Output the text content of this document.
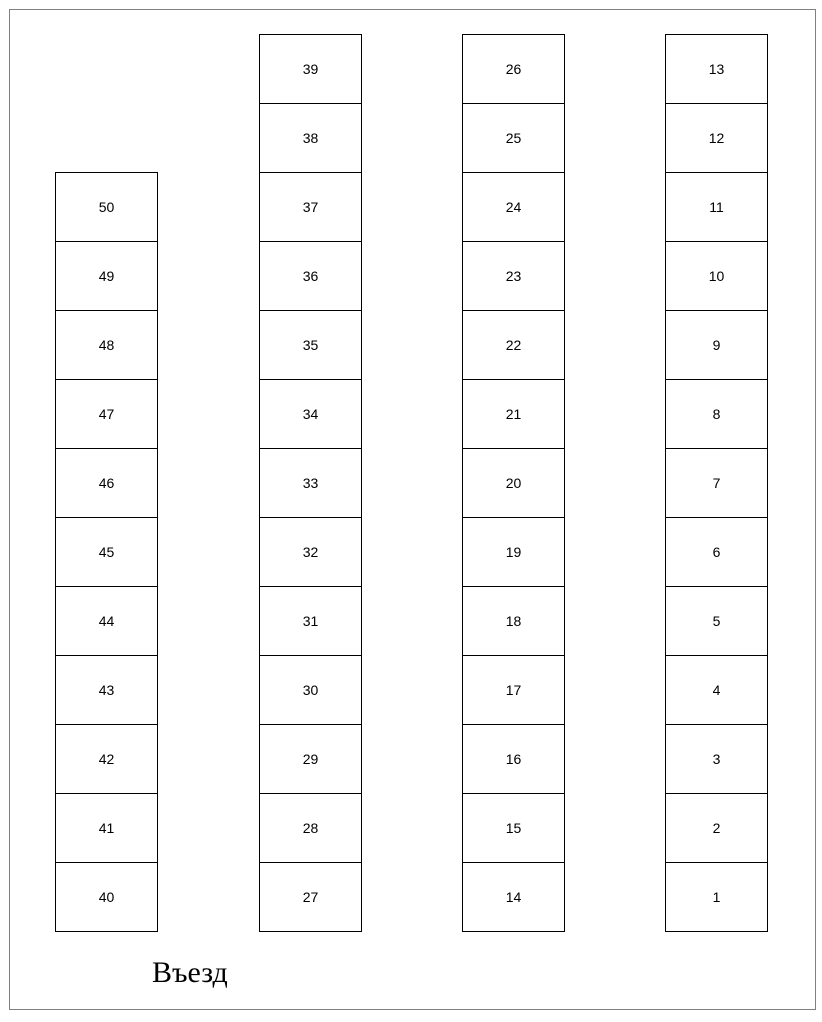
50
49
48
47
46
45
44
43
42
41
40
39
38
37
36
35
34
33
32
31
30
29
28
27
26
25
24
23
22
21
20
19
18
17
16
15
14
13
12
11
10
9
8
7
6
5
4
3
2
1
Въезд
